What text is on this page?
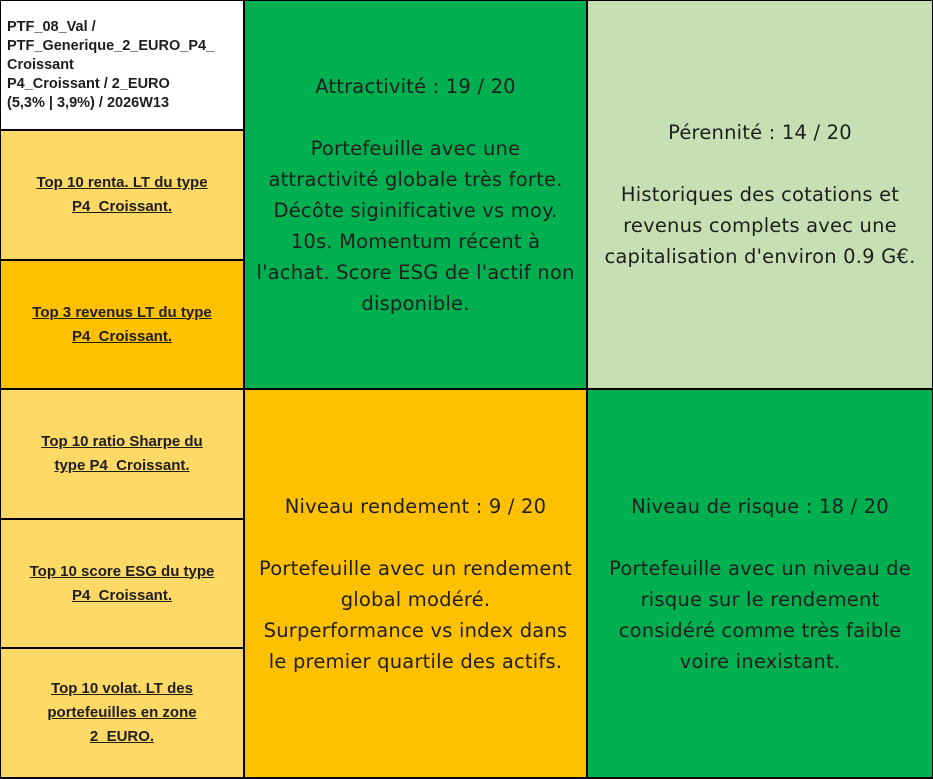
PTF_08_Val /
PTF_Generique_2_EURO_P4_
Croissant
P4_Croissant / 2_EURO
(5,3% | 3,9%) / 2026W13
Top 10 renta. LT du type
P4_Croissant.
Top 3 revenus LT du type
P4_Croissant.
Top 10 ratio Sharpe du
type P4_Croissant.
Top 10 score ESG du type
P4_Croissant.
Top 10 volat. LT des
portefeuilles en zone
2_EURO.
Attractivité : 19 / 20
Portefeuille avec une
attractivité globale très forte.
Décôte siginificative vs moy.
10s. Momentum récent à
l'achat. Score ESG de l'actif non
disponible.
Pérennité : 14 / 20
Historiques des cotations et
revenus complets avec une
capitalisation d'environ 0.9 G€.
Niveau rendement : 9 / 20
Portefeuille avec un rendement
global modéré.
Surperformance vs index dans
le premier quartile des actifs.
Niveau de risque : 18 / 20
Portefeuille avec un niveau de
risque sur le rendement
considéré comme très faible
voire inexistant.
